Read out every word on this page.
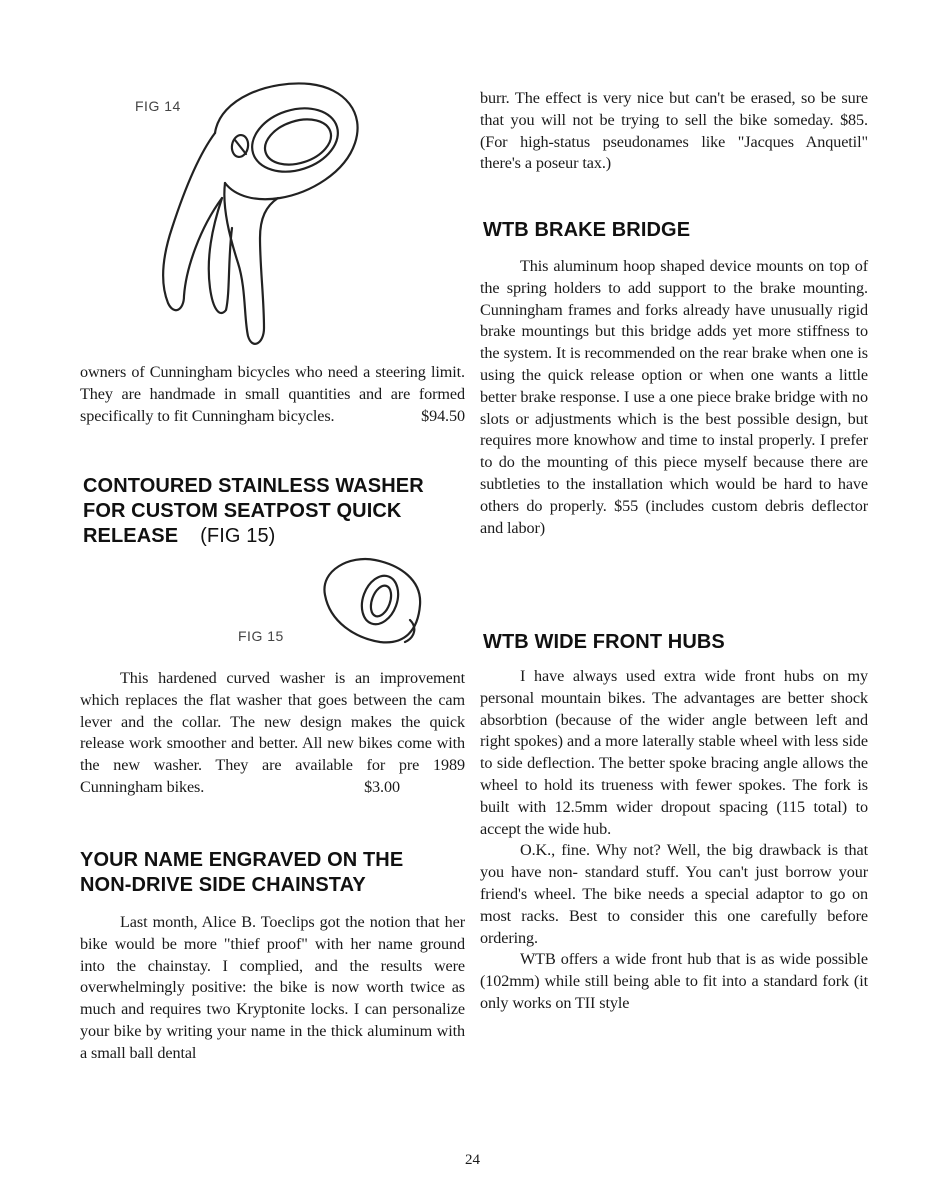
FIG 14

owners of Cunningham bicycles who need a steering limit. They are handmade in small quantities and are formed specifically to fit Cunningham bicycles.	$94.50

CONTOURED STAINLESS WASHER
FOR CUSTOM SEATPOST QUICK
RELEASE (FIG 15)
FIG 15

This hardened curved washer is an improvement which replaces the flat washer that goes between the cam lever and the collar. The new design makes the quick release work smoother and better. All new bikes come with the new washer. They are available for pre 1989 Cunningham bikes.	$3.00

YOUR NAME ENGRAVED ON THE
NON-DRIVE SIDE CHAINSTAY

Last month, Alice B. Toeclips got the notion that her bike would be more "thief proof" with her name ground into the chainstay. I complied, and the results were overwhelmingly positive: the bike is now worth twice as much and requires two Kryptonite locks. I can personalize your bike by writing your name in the thick aluminum with a small ball dental

burr. The effect is very nice but can't be erased, so be sure that you will not be trying to sell the bike someday. $85. (For high-status pseudonames like "Jacques Anquetil" there's a poseur tax.)

WTB BRAKE BRIDGE

This aluminum hoop shaped device mounts on top of the spring holders to add support to the brake mounting. Cunningham frames and forks already have unusually rigid brake mountings but this bridge adds yet more stiffness to the system. It is recommended on the rear brake when one is using the quick release option or when one wants a little better brake response. I use a one piece brake bridge with no slots or adjustments which is the best possible design, but requires more knowhow and time to instal properly. I prefer to do the mounting of this piece myself because there are subtleties to the installation which would be hard to have others do properly. $55 (includes custom debris deflector and labor)

WTB WIDE FRONT HUBS

I have always used extra wide front hubs on my personal mountain bikes. The advantages are better shock absorbtion (because of the wider angle between left and right spokes) and a more laterally stable wheel with less side to side deflection. The better spoke bracing angle allows the wheel to hold its trueness with fewer spokes. The fork is built with 12.5mm wider dropout spacing (115 total) to accept the wide hub.

O.K., fine. Why not? Well, the big drawback is that you have non- standard stuff. You can't just borrow your friend's wheel. The bike needs a special adaptor to go on most racks. Best to consider this one carefully before ordering.

WTB offers a wide front hub that is as wide possible (102mm) while still being able to fit into a standard fork (it only works on TII style

24
